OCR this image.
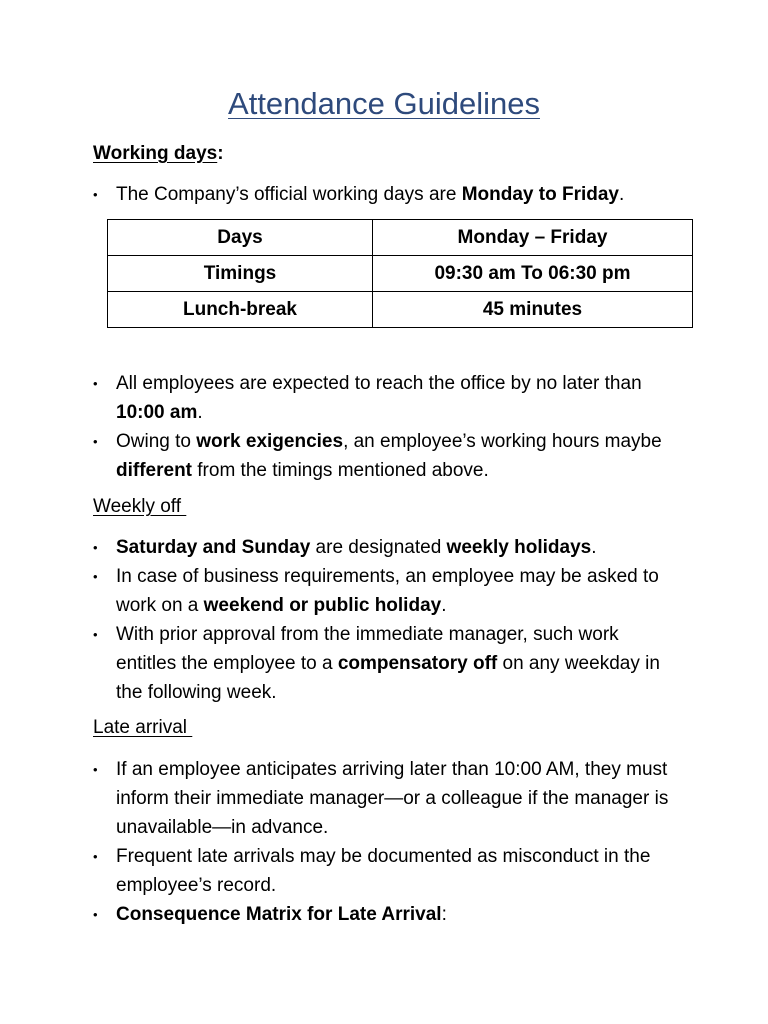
Attendance Guidelines

Working days:

• The Company’s official working days are Monday to Friday.
Days	Monday – Friday
Timings	09:30 am To 06:30 pm
Lunch-break	45 minutes
• All employees are expected to reach the office by no later than 10:00 am.
• Owing to work exigencies, an employee’s working hours maybe different from the timings mentioned above.

Weekly off

• Saturday and Sunday are designated weekly holidays.
• In case of business requirements, an employee may be asked to work on a weekend or public holiday.
• With prior approval from the immediate manager, such work entitles the employee to a compensatory off on any weekday in the following week.

Late arrival

• If an employee anticipates arriving later than 10:00 AM, they must inform their immediate manager—or a colleague if the manager is unavailable—in advance.
• Frequent late arrivals may be documented as misconduct in the employee’s record.
• Consequence Matrix for Late Arrival:
